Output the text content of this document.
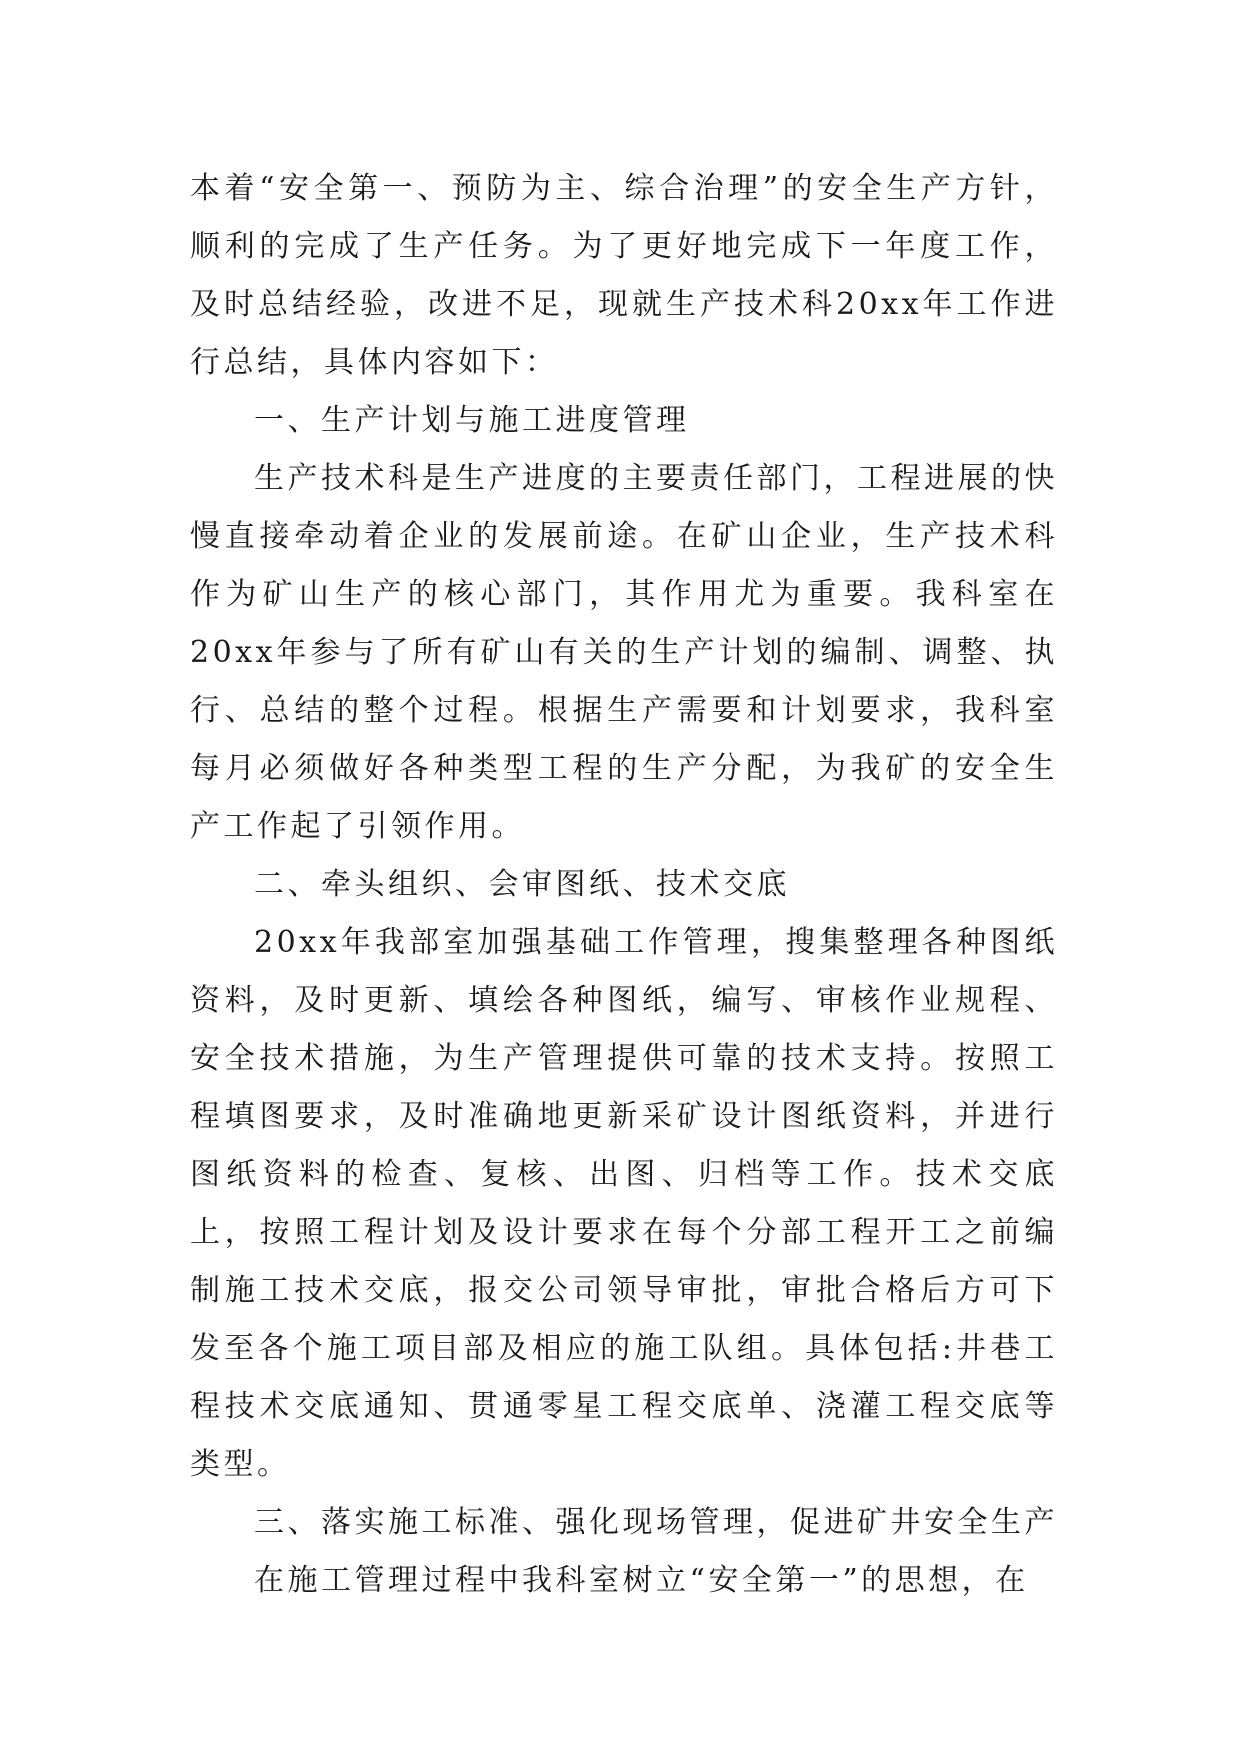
本着“安全第一、预防为主、综合治理”的安全生产方针，顺利的完成了生产任务。为了更好地完成下一年度工作，及时总结经验，改进不足，现就生产技术科20xx年工作进行总结，具体内容如下：

一、生产计划与施工进度管理

生产技术科是生产进度的主要责任部门，工程进展的快慢直接牵动着企业的发展前途。在矿山企业，生产技术科作为矿山生产的核心部门，其作用尤为重要。我科室在20xx年参与了所有矿山有关的生产计划的编制、调整、执行、总结的整个过程。根据生产需要和计划要求，我科室每月必须做好各种类型工程的生产分配，为我矿的安全生产工作起了引领作用。

二、牵头组织、会审图纸、技术交底

20xx年我部室加强基础工作管理，搜集整理各种图纸资料，及时更新、填绘各种图纸，编写、审核作业规程、安全技术措施，为生产管理提供可靠的技术支持。按照工程填图要求，及时准确地更新采矿设计图纸资料，并进行图纸资料的检查、复核、出图、归档等工作。技术交底上，按照工程计划及设计要求在每个分部工程开工之前编制施工技术交底，报交公司领导审批，审批合格后方可下发至各个施工项目部及相应的施工队组。具体包括:井巷工程技术交底通知、贯通零星工程交底单、浇灌工程交底等类型。

三、落实施工标准、强化现场管理，促进矿井安全生产

在施工管理过程中我科室树立“安全第一”的思想，在
